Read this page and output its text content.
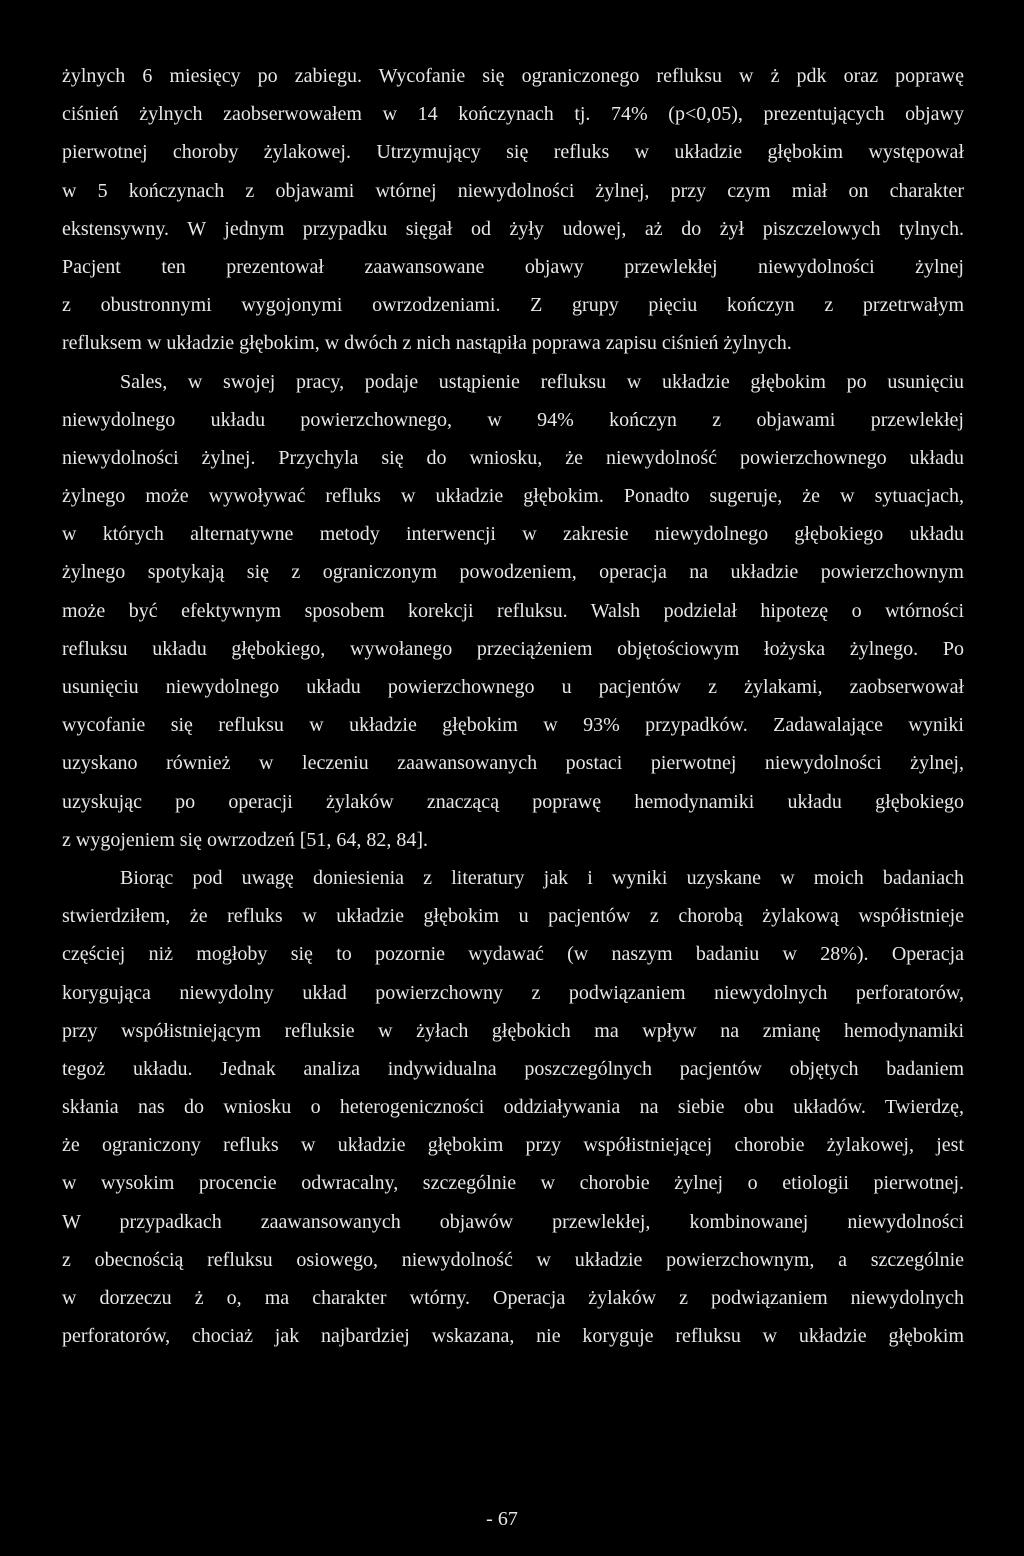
żylnych 6 miesięcy po zabiegu. Wycofanie się ograniczonego refluksu w ż pdk oraz poprawę
ciśnień żylnych zaobserwowałem w 14 kończynach tj. 74% (p<0,05), prezentujących objawy
pierwotnej choroby żylakowej. Utrzymujący się refluks w układzie głębokim występował
w 5 kończynach z objawami wtórnej niewydolności żylnej, przy czym miał on charakter
ekstensywny. W jednym przypadku sięgał od żyły udowej, aż do żył piszczelowych tylnych.
Pacjent ten prezentował zaawansowane objawy przewlekłej niewydolności żylnej
z obustronnymi wygojonymi owrzodzeniami. Z grupy pięciu kończyn z przetrwałym
refluksem w układzie głębokim, w dwóch z nich nastąpiła poprawa zapisu ciśnień żylnych.
Sales, w swojej pracy, podaje ustąpienie refluksu w układzie głębokim po usunięciu
niewydolnego układu powierzchownego, w 94% kończyn z objawami przewlekłej
niewydolności żylnej. Przychyla się do wniosku, że niewydolność powierzchownego układu
żylnego może wywoływać refluks w układzie głębokim. Ponadto sugeruje, że w sytuacjach,
w których alternatywne metody interwencji w zakresie niewydolnego głębokiego układu
żylnego spotykają się z ograniczonym powodzeniem, operacja na układzie powierzchownym
może być efektywnym sposobem korekcji refluksu. Walsh podzielał hipotezę o wtórności
refluksu układu głębokiego, wywołanego przeciążeniem objętościowym łożyska żylnego. Po
usunięciu niewydolnego układu powierzchownego u pacjentów z żylakami, zaobserwował
wycofanie się refluksu w układzie głębokim w 93% przypadków. Zadawalające wyniki
uzyskano również w leczeniu zaawansowanych postaci pierwotnej niewydolności żylnej,
uzyskując po operacji żylaków znaczącą poprawę hemodynamiki układu głębokiego
z wygojeniem się owrzodzeń [51, 64, 82, 84].
Biorąc pod uwagę doniesienia z literatury jak i wyniki uzyskane w moich badaniach
stwierdziłem, że refluks w układzie głębokim u pacjentów z chorobą żylakową współistnieje
częściej niż mogłoby się to pozornie wydawać (w naszym badaniu w 28%). Operacja
korygująca niewydolny układ powierzchowny z podwiązaniem niewydolnych perforatorów,
przy współistniejącym refluksie w żyłach głębokich ma wpływ na zmianę hemodynamiki
tegoż układu. Jednak analiza indywidualna poszczególnych pacjentów objętych badaniem
skłania nas do wniosku o heterogeniczności oddziaływania na siebie obu układów. Twierdzę,
że ograniczony refluks w układzie głębokim przy współistniejącej chorobie żylakowej, jest
w wysokim procencie odwracalny, szczególnie w chorobie żylnej o etiologii pierwotnej.
W przypadkach zaawansowanych objawów przewlekłej, kombinowanej niewydolności
z obecnością refluksu osiowego, niewydolność w układzie powierzchownym, a szczególnie
w dorzeczu ż o, ma charakter wtórny. Operacja żylaków z podwiązaniem niewydolnych
perforatorów, chociaż jak najbardziej wskazana, nie koryguje refluksu w układzie głębokim
- 67
